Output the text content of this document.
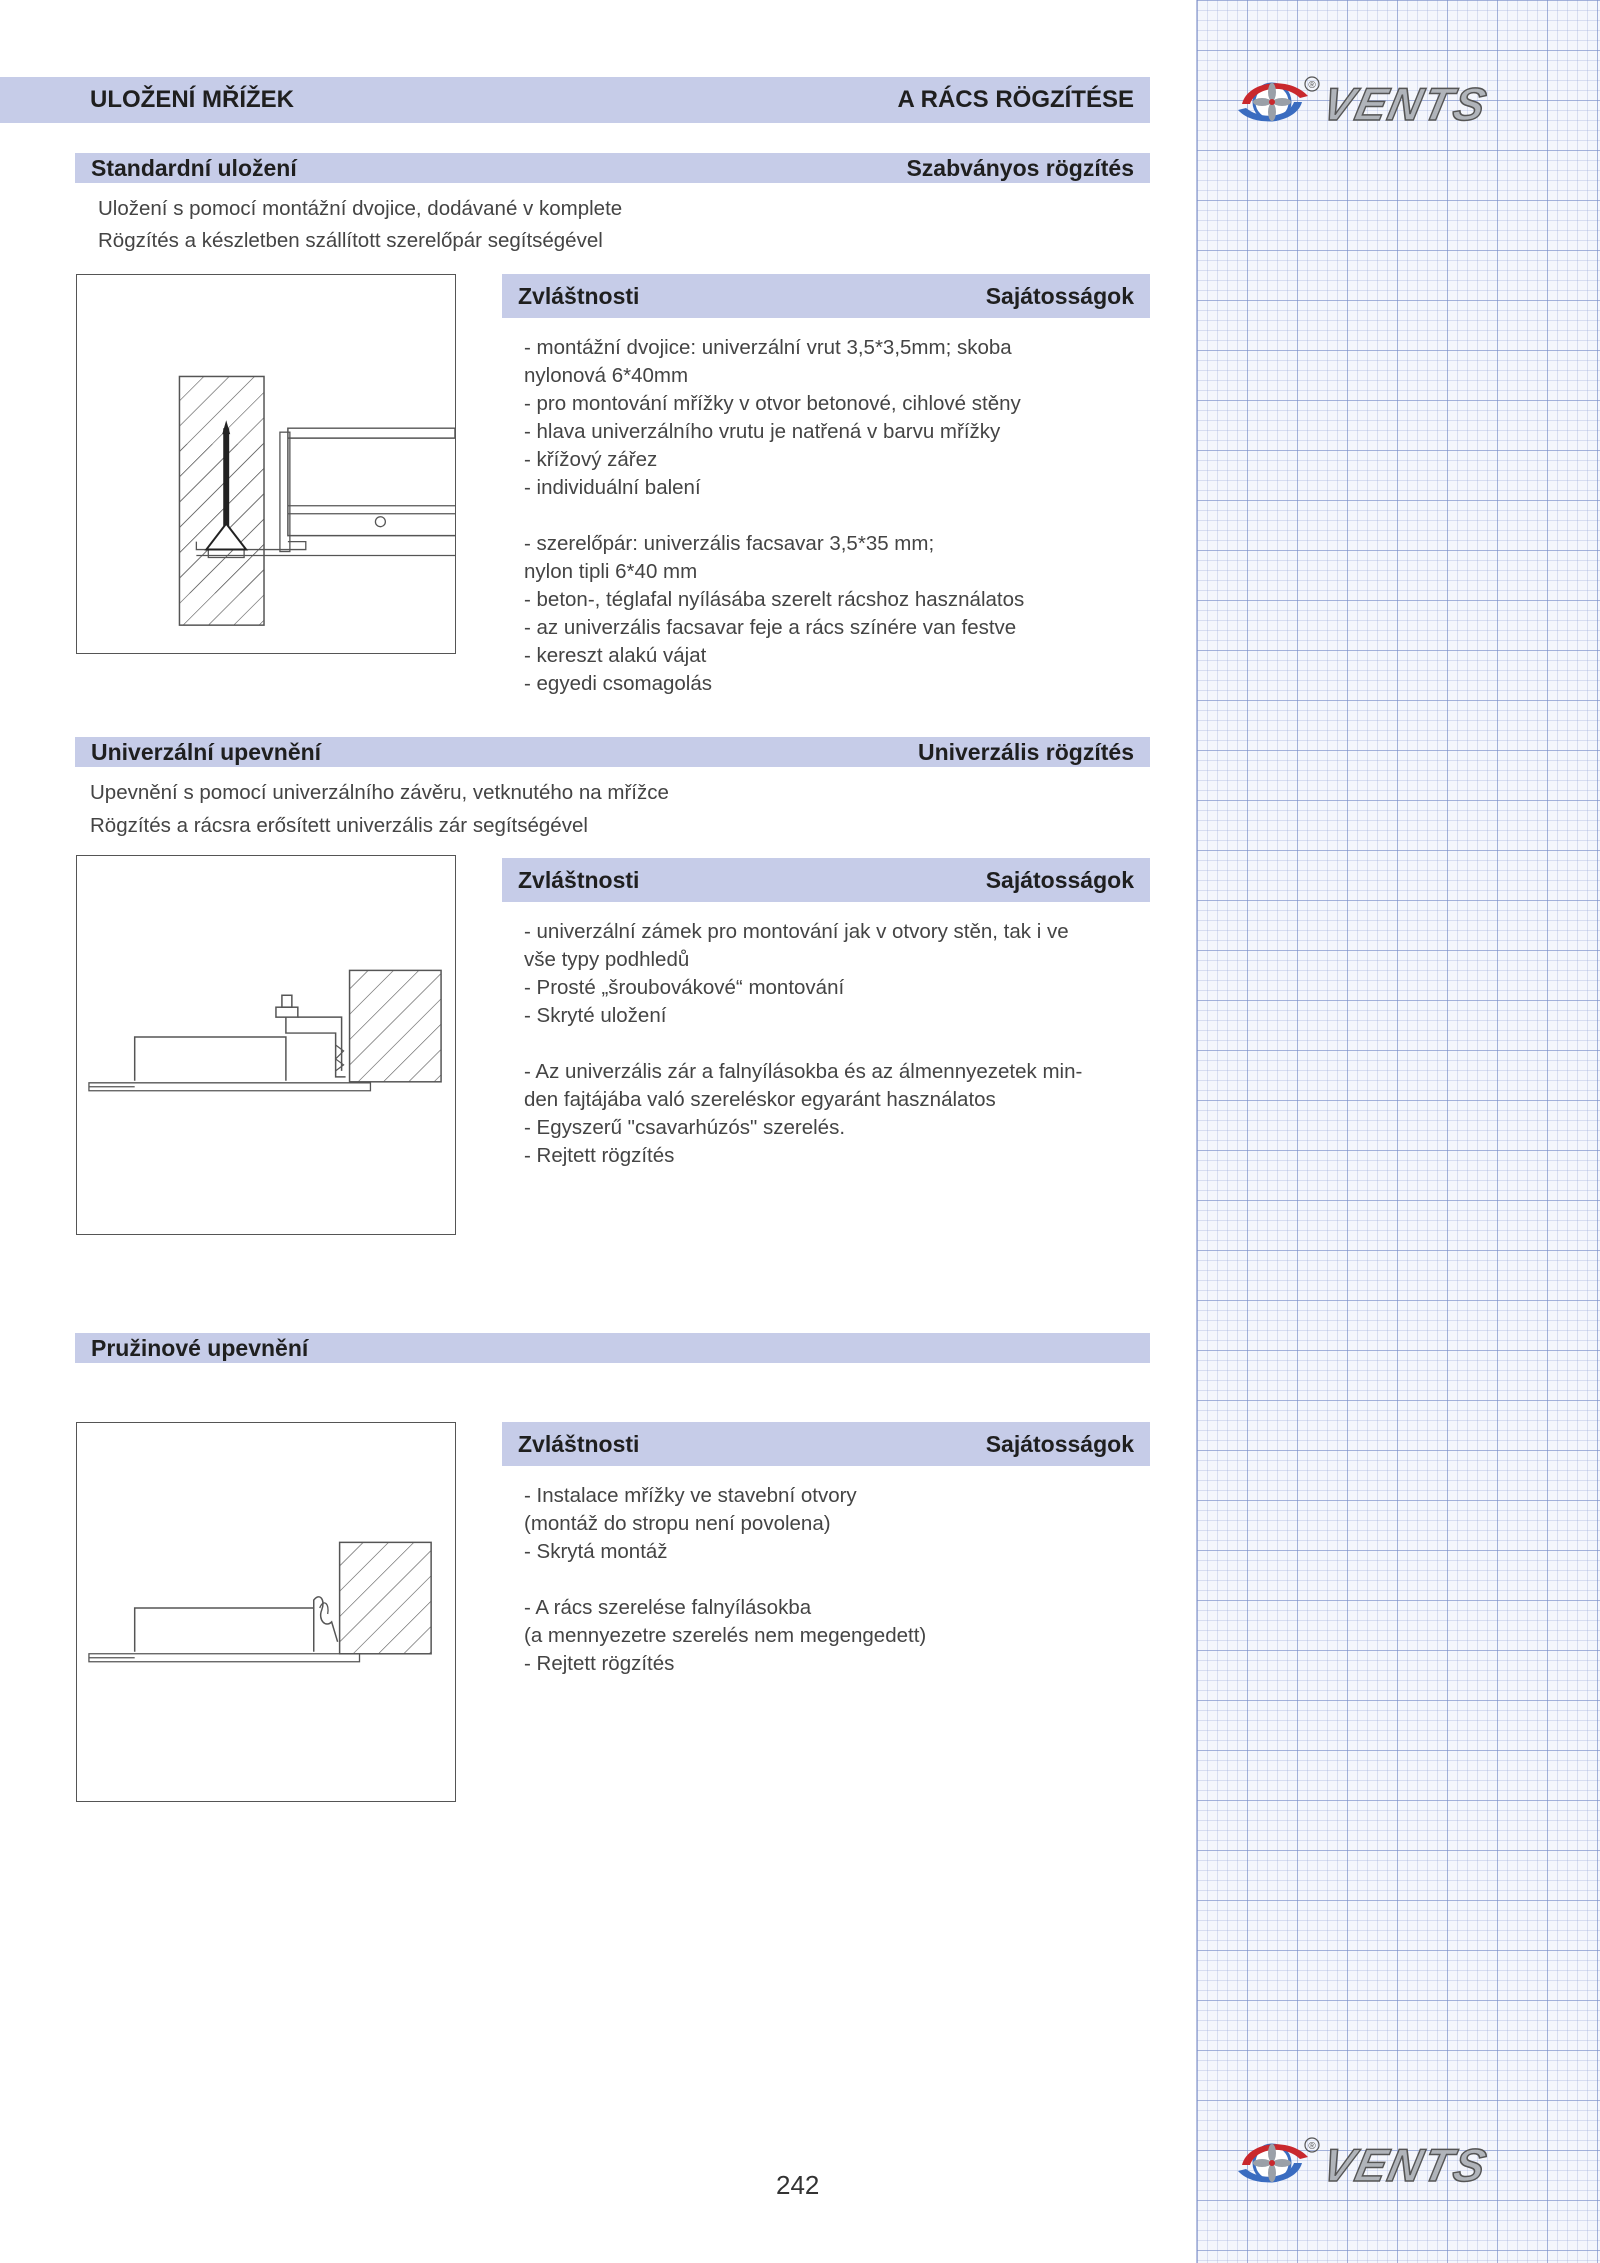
® VENTS
® VENTS
ULOŽENÍ MŘÍŽEK	A RÁCS RÖGZÍTÉSE
Standardní uložení	Szabványos rögzítés
Uložení s pomocí montážní dvojice, dodávané v komplete
Rögzítés a készletben szállított szerelőpár segítségével
Zvláštnosti	Sajátosságok
- montážní dvojice: univerzální vrut 3,5*3,5mm; skoba
nylonová 6*40mm
- pro montování mřížky v otvor betonové, cihlové stěny
- hlava univerzálního vrutu je natřená v barvu mřížky
- křížový zářez
- individuální balení
- szerelőpár: univerzális facsavar 3,5*35 mm;
nylon tipli 6*40 mm
- beton-, téglafal nyílásába szerelt rácshoz használatos
- az univerzális facsavar feje a rács színére van festve
- kereszt alakú vájat
- egyedi csomagolás
Univerzální upevnění	Univerzális rögzítés
Upevnění s pomocí univerzálního závěru, vetknutého na mřížce
Rögzítés a rácsra erősített univerzális zár segítségével
Zvláštnosti	Sajátosságok
- univerzální zámek pro montování jak v otvory stěn, tak i ve
vše typy podhledů
- Prosté „šroubovákové“ montování
- Skryté uložení
- Az univerzális zár a falnyílásokba és az álmennyezetek min-
den fajtájába való szereléskor egyaránt használatos
- Egyszerű "csavarhúzós" szerelés.
- Rejtett rögzítés
Pružinové upevnění
Zvláštnosti	Sajátosságok
- Instalace mřížky ve stavební otvory
(montáž do stropu není povolena)
- Skrytá montáž
- A rács szerelése falnyílásokba
(a mennyezetre szerelés nem megengedett)
- Rejtett rögzítés
242
